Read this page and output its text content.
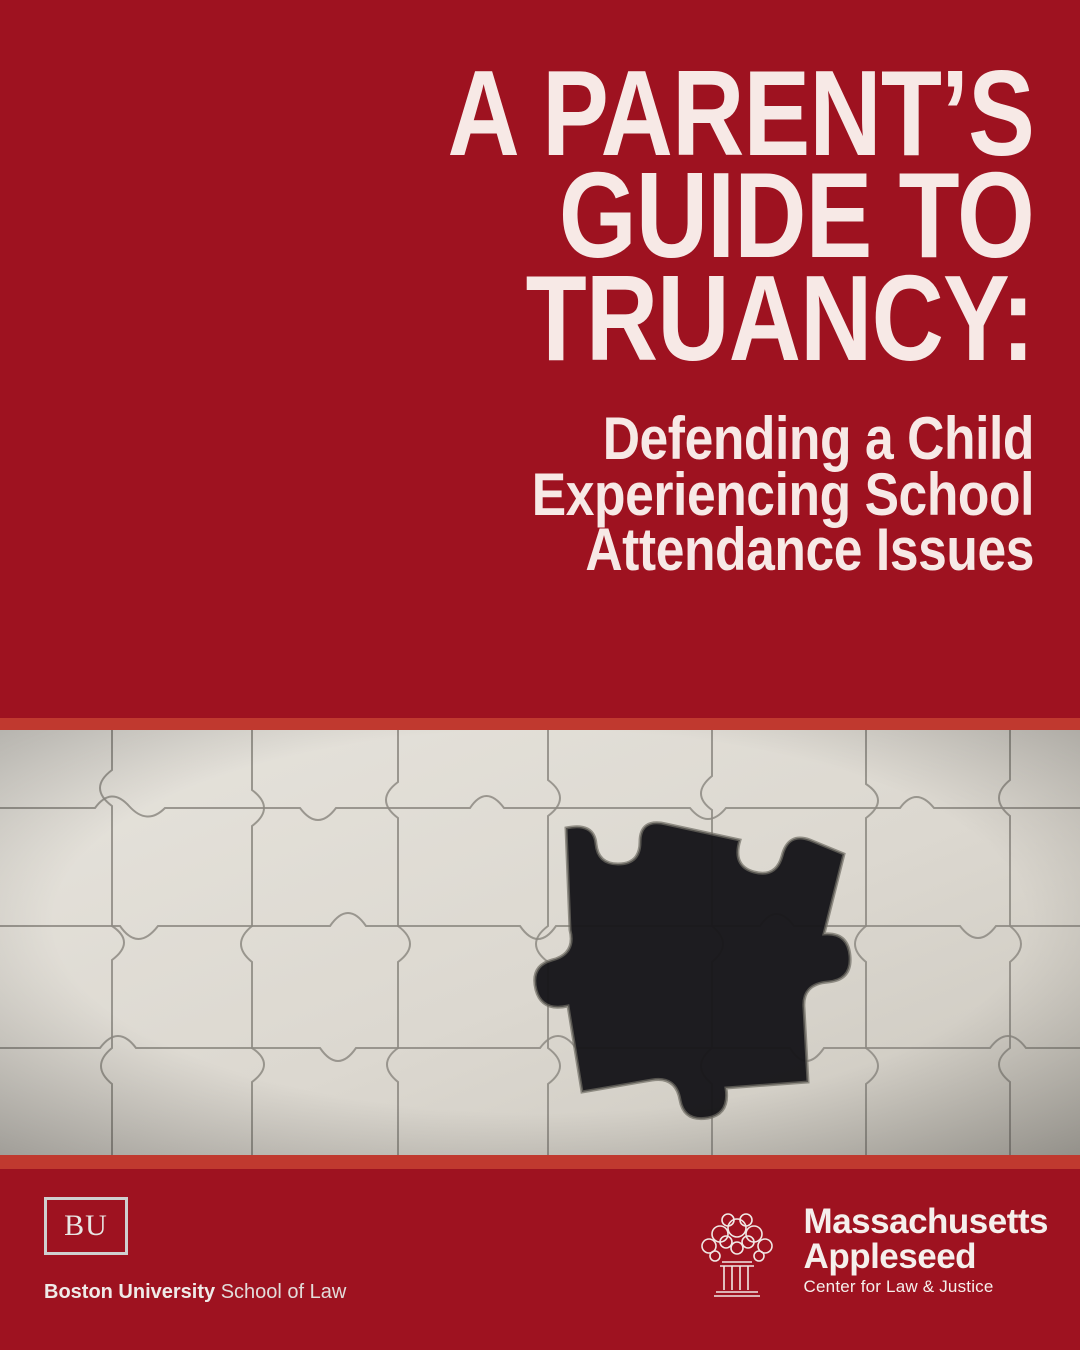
A PARENT’S
GUIDE TO
TRUANCY:
Defending a Child
Experiencing School
Attendance Issues
BU
Boston University School of Law
Massachusetts
Appleseed
Center for Law & Justice
